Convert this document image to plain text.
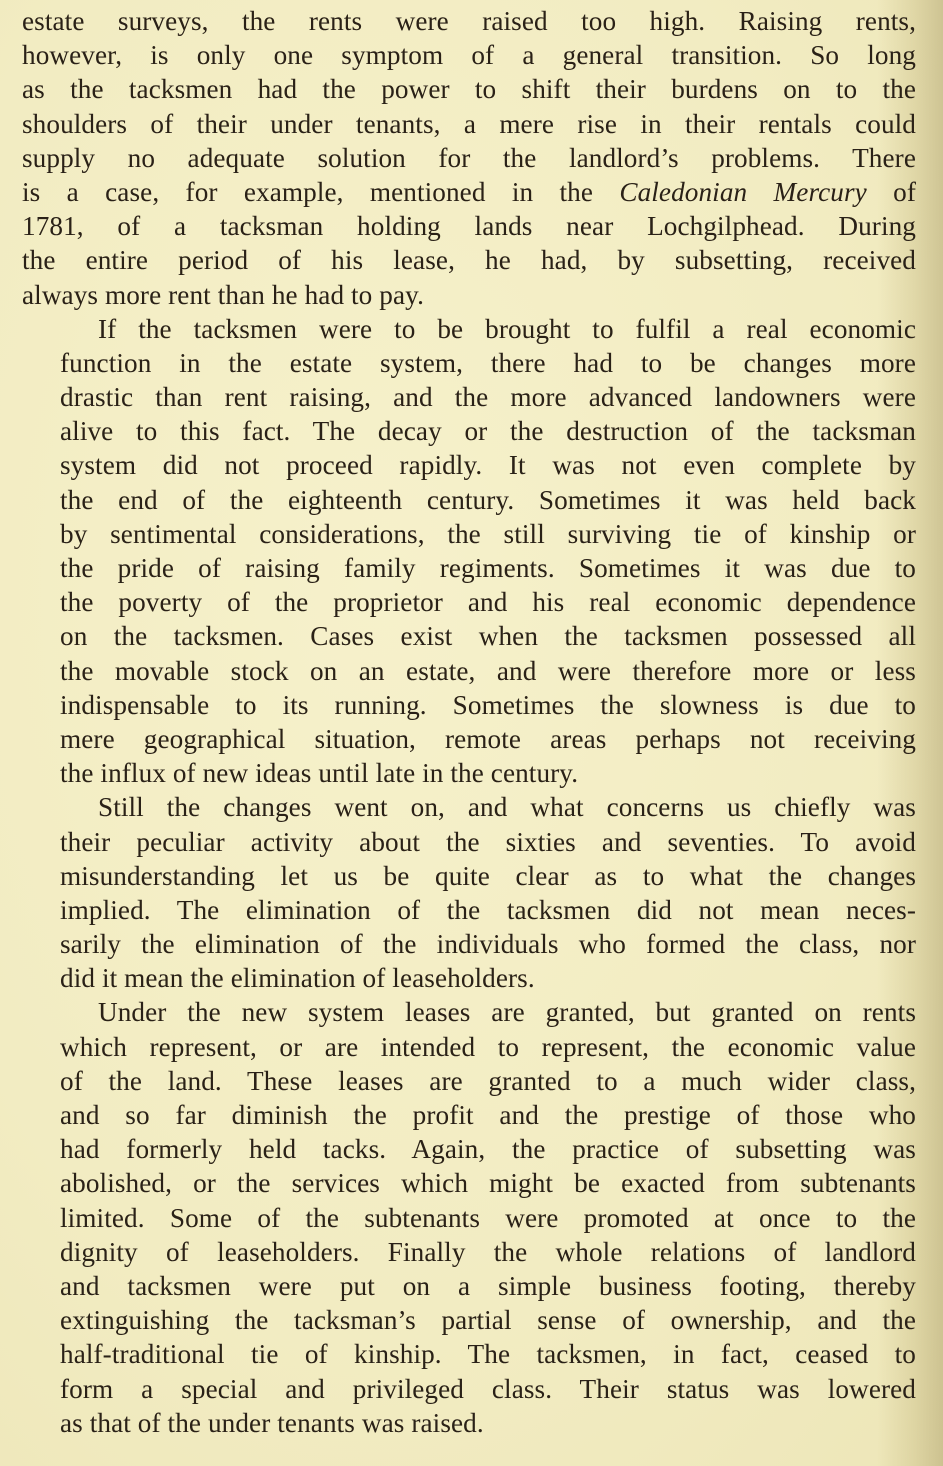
estate surveys, the rents were raised too high. Raising rents,
however, is only one symptom of a general transition. So long
as the tacksmen had the power to shift their burdens on to the
shoulders of their under tenants, a mere rise in their rentals could
supply no adequate solution for the landlord’s problems. There
is a case, for example, mentioned in the Caledonian Mercury of
1781, of a tacksman holding lands near Lochgilphead. During
the entire period of his lease, he had, by subsetting, received
always more rent than he had to pay.
If the tacksmen were to be brought to fulfil a real economic
function in the estate system, there had to be changes more
drastic than rent raising, and the more advanced landowners were
alive to this fact. The decay or the destruction of the tacksman
system did not proceed rapidly. It was not even complete by
the end of the eighteenth century. Sometimes it was held back
by sentimental considerations, the still surviving tie of kinship or
the pride of raising family regiments. Sometimes it was due to
the poverty of the proprietor and his real economic dependence
on the tacksmen. Cases exist when the tacksmen possessed all
the movable stock on an estate, and were therefore more or less
indispensable to its running. Sometimes the slowness is due to
mere geographical situation, remote areas perhaps not receiving
the influx of new ideas until late in the century.
Still the changes went on, and what concerns us chiefly was
their peculiar activity about the sixties and seventies. To avoid
misunderstanding let us be quite clear as to what the changes
implied. The elimination of the tacksmen did not mean neces-
sarily the elimination of the individuals who formed the class, nor
did it mean the elimination of leaseholders.
Under the new system leases are granted, but granted on rents
which represent, or are intended to represent, the economic value
of the land. These leases are granted to a much wider class,
and so far diminish the profit and the prestige of those who
had formerly held tacks. Again, the practice of subsetting was
abolished, or the services which might be exacted from subtenants
limited. Some of the subtenants were promoted at once to the
dignity of leaseholders. Finally the whole relations of landlord
and tacksmen were put on a simple business footing, thereby
extinguishing the tacksman’s partial sense of ownership, and the
half-traditional tie of kinship. The tacksmen, in fact, ceased to
form a special and privileged class. Their status was lowered
as that of the under tenants was raised.
